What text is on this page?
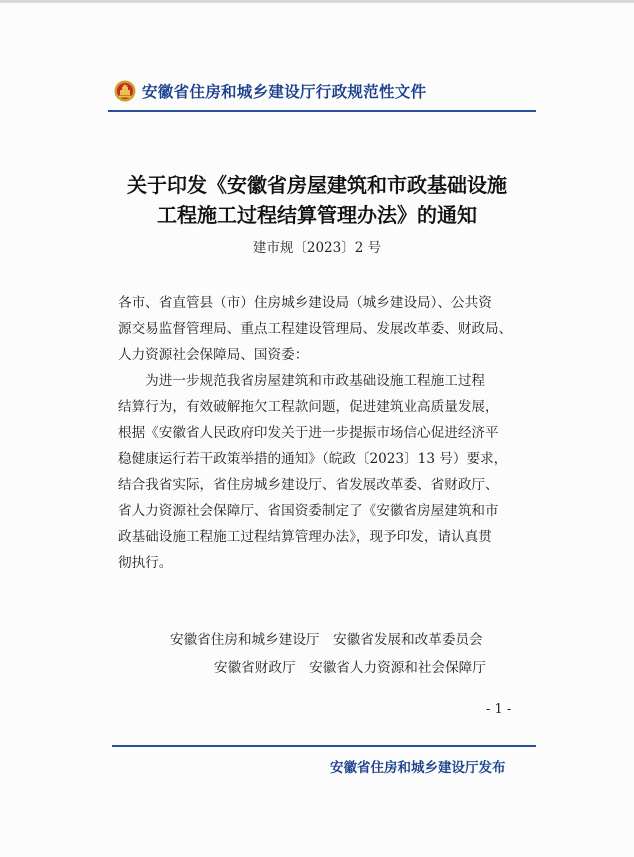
安徽省住房和城乡建设厅行政规范性文件
关于印发《安徽省房屋建筑和市政基础设施
工程施工过程结算管理办法》的通知
建市规〔2023〕2 号
各市、省直管县（市）住房城乡建设局（城乡建设局）、公共资
源交易监督管理局、重点工程建设管理局、发展改革委、财政局、
人力资源社会保障局、国资委：
　　为进一步规范我省房屋建筑和市政基础设施工程施工过程
结算行为，有效破解拖欠工程款问题，促进建筑业高质量发展，
根据《安徽省人民政府印发关于进一步提振市场信心促进经济平
稳健康运行若干政策举措的通知》（皖政〔2023〕13 号）要求，
结合我省实际，省住房城乡建设厅、省发展改革委、省财政厅、
省人力资源社会保障厅、省国资委制定了《安徽省房屋建筑和市
政基础设施工程施工过程结算管理办法》，现予印发，请认真贯
彻执行。
安徽省住房和城乡建设厅　安徽省发展和改革委员会
安徽省财政厅　安徽省人力资源和社会保障厅
- 1 -
安徽省住房和城乡建设厅发布
